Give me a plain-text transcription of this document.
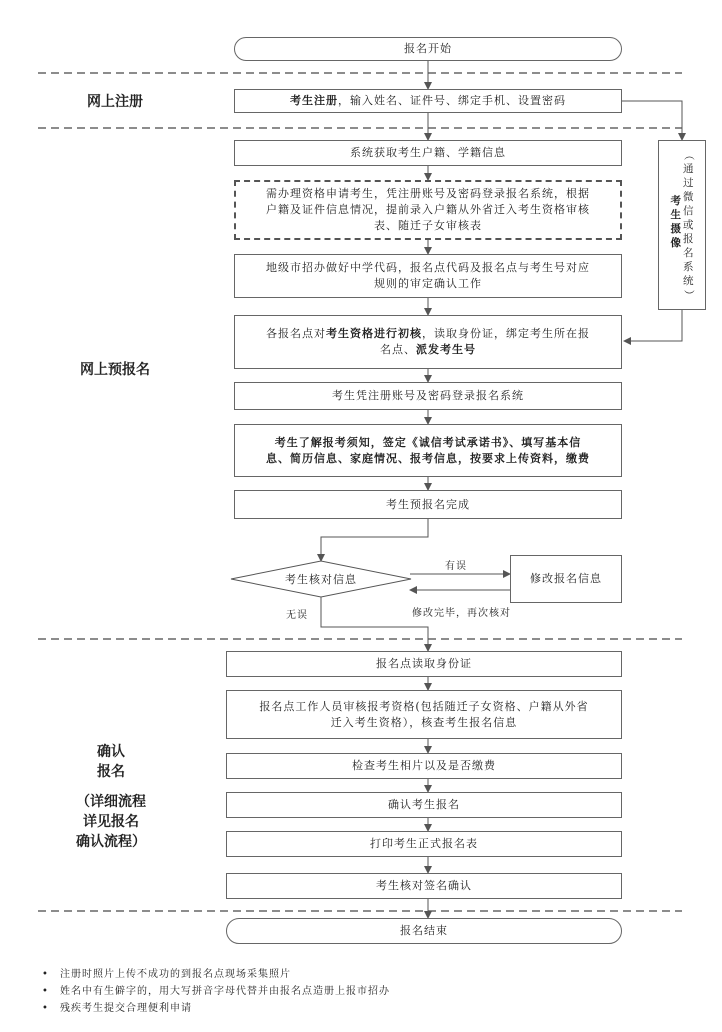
网上注册
网上预报名
确认
报名
（详细流程
详见报名
确认流程）
报名开始
考生注册，输入姓名、证件号、绑定手机、设置密码
系统获取考生户籍、学籍信息
需办理资格申请考生，凭注册账号及密码登录报名系统，根据
户籍及证件信息情况，提前录入户籍从外省迁入考生资格审核
表、随迁子女审核表
地级市招办做好中学代码，报名点代码及报名点与考生号对应
规则的审定确认工作
各报名点对考生资格进行初核，读取身份证，绑定考生所在报
名点、派发考生号
考生凭注册账号及密码登录报名系统
考生了解报考须知，签定《诚信考试承诺书》、填写基本信
息、简历信息、家庭情况、报考信息，按要求上传资料，缴费
考生预报名完成
考生核对信息	修改报名信息
有误
无误	修改完毕，再次核对
报名点读取身份证
报名点工作人员审核报考资格(包括随迁子女资格、户籍从外省
迁入考生资格），核查考生报名信息
检查考生相片以及是否缴费
确认考生报名
打印考生正式报名表
考生核对签名确认
报名结束
考
生
摄
像
（
通
过
微
信
或
报
名
系
统
）
• 注册时照片上传不成功的到报名点现场采集照片
• 姓名中有生僻字的，用大写拼音字母代替并由报名点造册上报市招办
• 残疾考生提交合理便利申请
